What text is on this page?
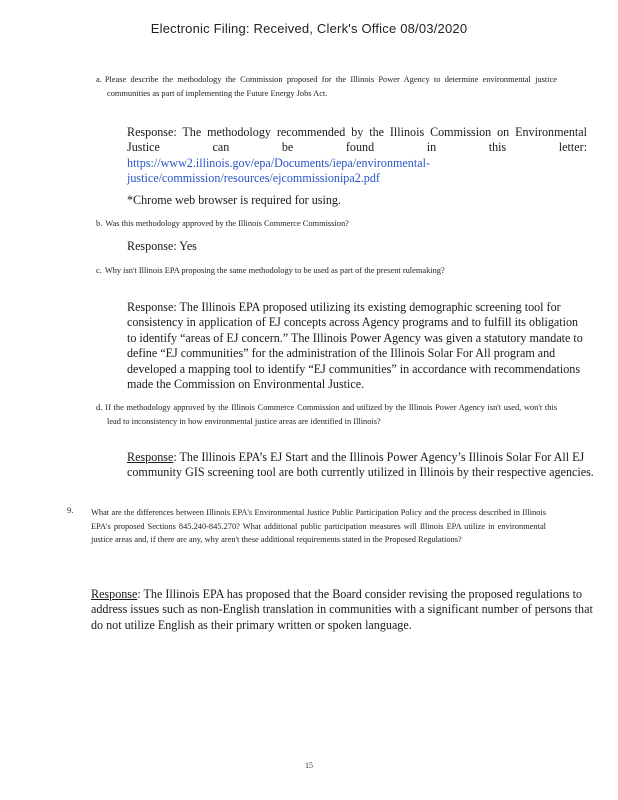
Electronic Filing: Received, Clerk's Office 08/03/2020
a. Please describe the methodology the Commission proposed for the Illinois Power Agency to determine environmental justice communities as part of implementing the Future Energy Jobs Act.
Response: The methodology recommended by the Illinois Commission on Environmental Justice can be found in this letter:
https://www2.illinois.gov/epa/Documents/iepa/environmental-justice/commission/resources/ejcommissionipa2.pdf
*Chrome web browser is required for using.
b. Was this methodology approved by the Illinois Commerce Commission?
Response: Yes
c. Why isn't Illinois EPA proposing the same methodology to be used as part of the present rulemaking?
Response: The Illinois EPA proposed utilizing its existing demographic screening tool for consistency in application of EJ concepts across Agency programs and to fulfill its obligation to identify “areas of EJ concern.” The Illinois Power Agency was given a statutory mandate to define “EJ communities” for the administration of the Illinois Solar For All program and developed a mapping tool to identify “EJ communities” in accordance with recommendations made the Commission on Environmental Justice.
d. If the methodology approved by the Illinois Commerce Commission and utilized by the Illinois Power Agency isn't used, won't this lead to inconsistency in how environmental justice areas are identified in Illinois?
Response: The Illinois EPA’s EJ Start and the Illinois Power Agency’s Illinois Solar For All EJ community GIS screening tool are both currently utilized in Illinois by their respective agencies.
9. What are the differences between Illinois EPA's Environmental Justice Public Participation Policy and the process described in Illinois EPA's proposed Sections 845.240-845.270? What additional public participation measures will Illinois EPA utilize in environmental justice areas and, if there are any, why aren't these additional requirements stated in the Proposed Regulations?
Response: The Illinois EPA has proposed that the Board consider revising the proposed regulations to address issues such as non-English translation in communities with a significant number of persons that do not utilize English as their primary written or spoken language.
15
